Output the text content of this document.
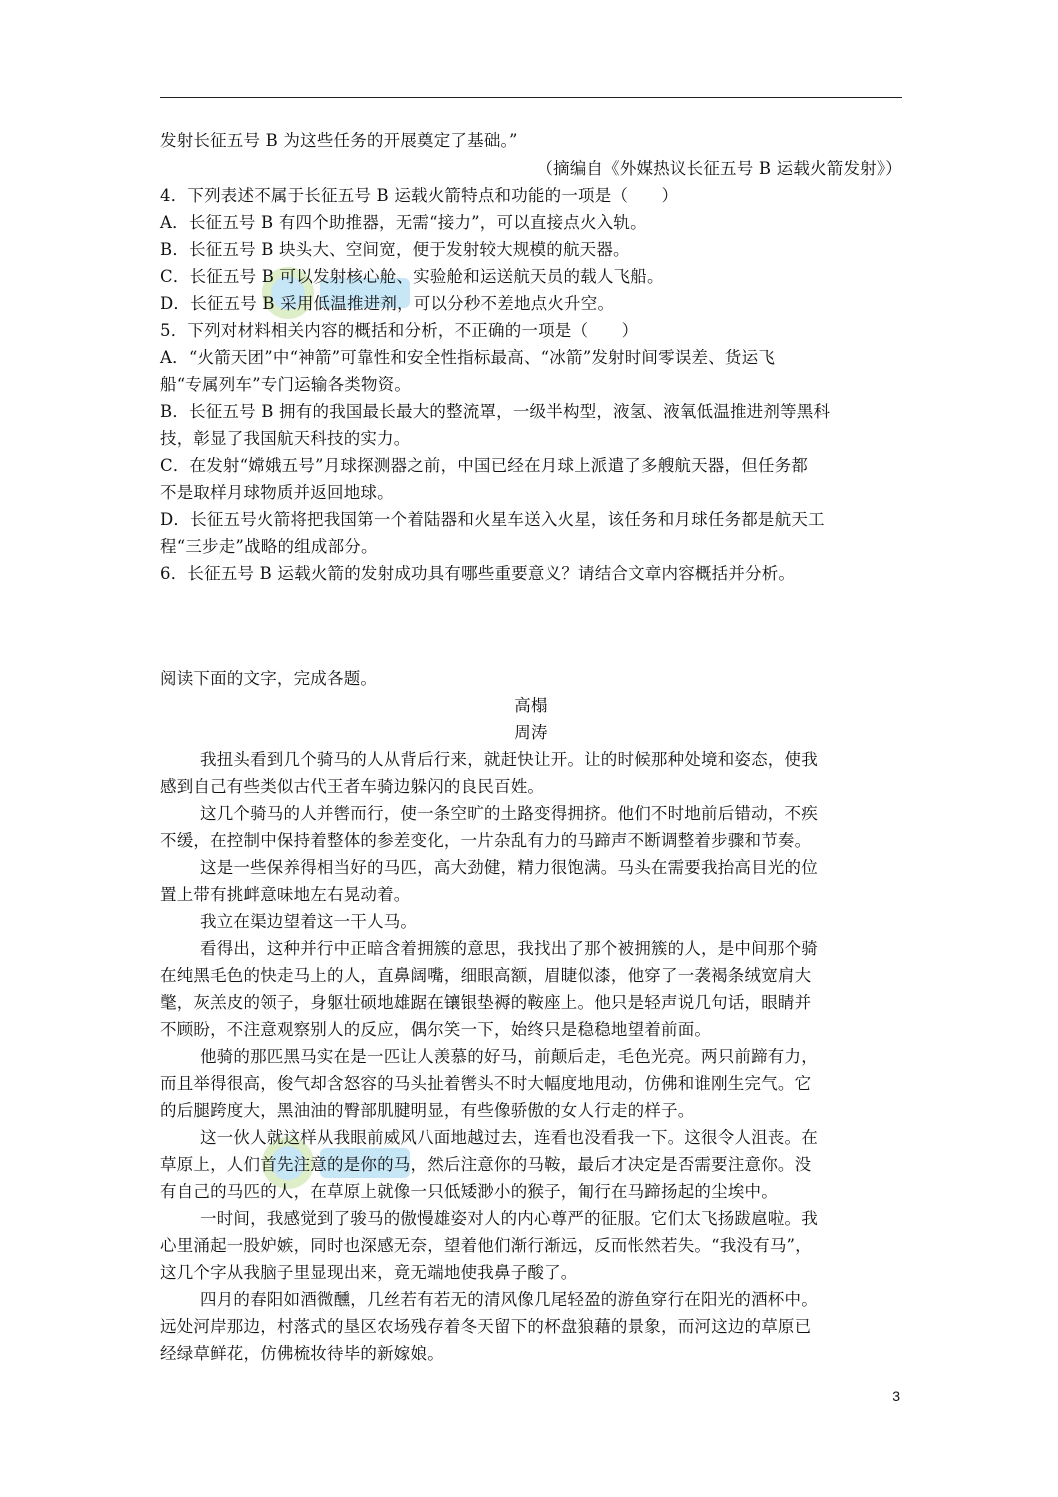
发射长征五号 B 为这些任务的开展奠定了基础。”
（摘编自《外媒热议长征五号 B 运载火箭发射》）
4．下列表述不属于长征五号 B 运载火箭特点和功能的一项是（　　）
A．长征五号 B 有四个助推器，无需“接力”，可以直接点火入轨。
B．长征五号 B 块头大、空间宽，便于发射较大规模的航天器。
C．长征五号 B 可以发射核心舱、实验舱和运送航天员的载人飞船。
D．长征五号 B 采用低温推进剂，可以分秒不差地点火升空。
5．下列对材料相关内容的概括和分析，不正确的一项是（　　）
A．“火箭天团”中“神箭”可靠性和安全性指标最高、“冰箭”发射时间零误差、货运飞
船“专属列车”专门运输各类物资。
B．长征五号 B 拥有的我国最长最大的整流罩，一级半构型，液氢、液氧低温推进剂等黑科
技，彰显了我国航天科技的实力。
C．在发射“嫦娥五号”月球探测器之前，中国已经在月球上派遣了多艘航天器，但任务都
不是取样月球物质并返回地球。
D．长征五号火箭将把我国第一个着陆器和火星车送入火星，该任务和月球任务都是航天工
程“三步走”战略的组成部分。
6．长征五号 B 运载火箭的发射成功具有哪些重要意义？请结合文章内容概括并分析。
阅读下面的文字，完成各题。
高榻
周涛
我扭头看到几个骑马的人从背后行来，就赶快让开。让的时候那种处境和姿态，使我
感到自己有些类似古代王者车骑边躲闪的良民百姓。
这几个骑马的人并辔而行，使一条空旷的土路变得拥挤。他们不时地前后错动，不疾
不缓，在控制中保持着整体的参差变化，一片杂乱有力的马蹄声不断调整着步骤和节奏。
这是一些保养得相当好的马匹，高大劲健，精力很饱满。马头在需要我抬高目光的位
置上带有挑衅意味地左右晃动着。
我立在渠边望着这一干人马。
看得出，这种并行中正暗含着拥簇的意思，我找出了那个被拥簇的人，是中间那个骑
在纯黑毛色的快走马上的人，直鼻阔嘴，细眼高额，眉睫似漆，他穿了一袭褐条绒宽肩大
氅，灰羔皮的领子，身躯壮硕地雄踞在镶银垫褥的鞍座上。他只是轻声说几句话，眼睛并
不顾盼，不注意观察别人的反应，偶尔笑一下，始终只是稳稳地望着前面。
他骑的那匹黑马实在是一匹让人羡慕的好马，前颠后走，毛色光亮。两只前蹄有力，
而且举得很高，俊气却含怒容的马头扯着辔头不时大幅度地甩动，仿佛和谁刚生完气。它
的后腿跨度大，黑油油的臀部肌腱明显，有些像骄傲的女人行走的样子。
这一伙人就这样从我眼前威风八面地越过去，连看也没看我一下。这很令人沮丧。在
草原上，人们首先注意的是你的马，然后注意你的马鞍，最后才决定是否需要注意你。没
有自己的马匹的人，在草原上就像一只低矮渺小的猴子，匍行在马蹄扬起的尘埃中。
一时间，我感觉到了骏马的傲慢雄姿对人的内心尊严的征服。它们太飞扬跋扈啦。我
心里涌起一股妒嫉，同时也深感无奈，望着他们渐行渐远，反而怅然若失。“我没有马”，
这几个字从我脑子里显现出来，竟无端地使我鼻子酸了。
四月的春阳如酒微醺，几丝若有若无的清风像几尾轻盈的游鱼穿行在阳光的酒杯中。
远处河岸那边，村落式的垦区农场残存着冬天留下的杯盘狼藉的景象，而河这边的草原已
经绿草鲜花，仿佛梳妆待毕的新嫁娘。
3
